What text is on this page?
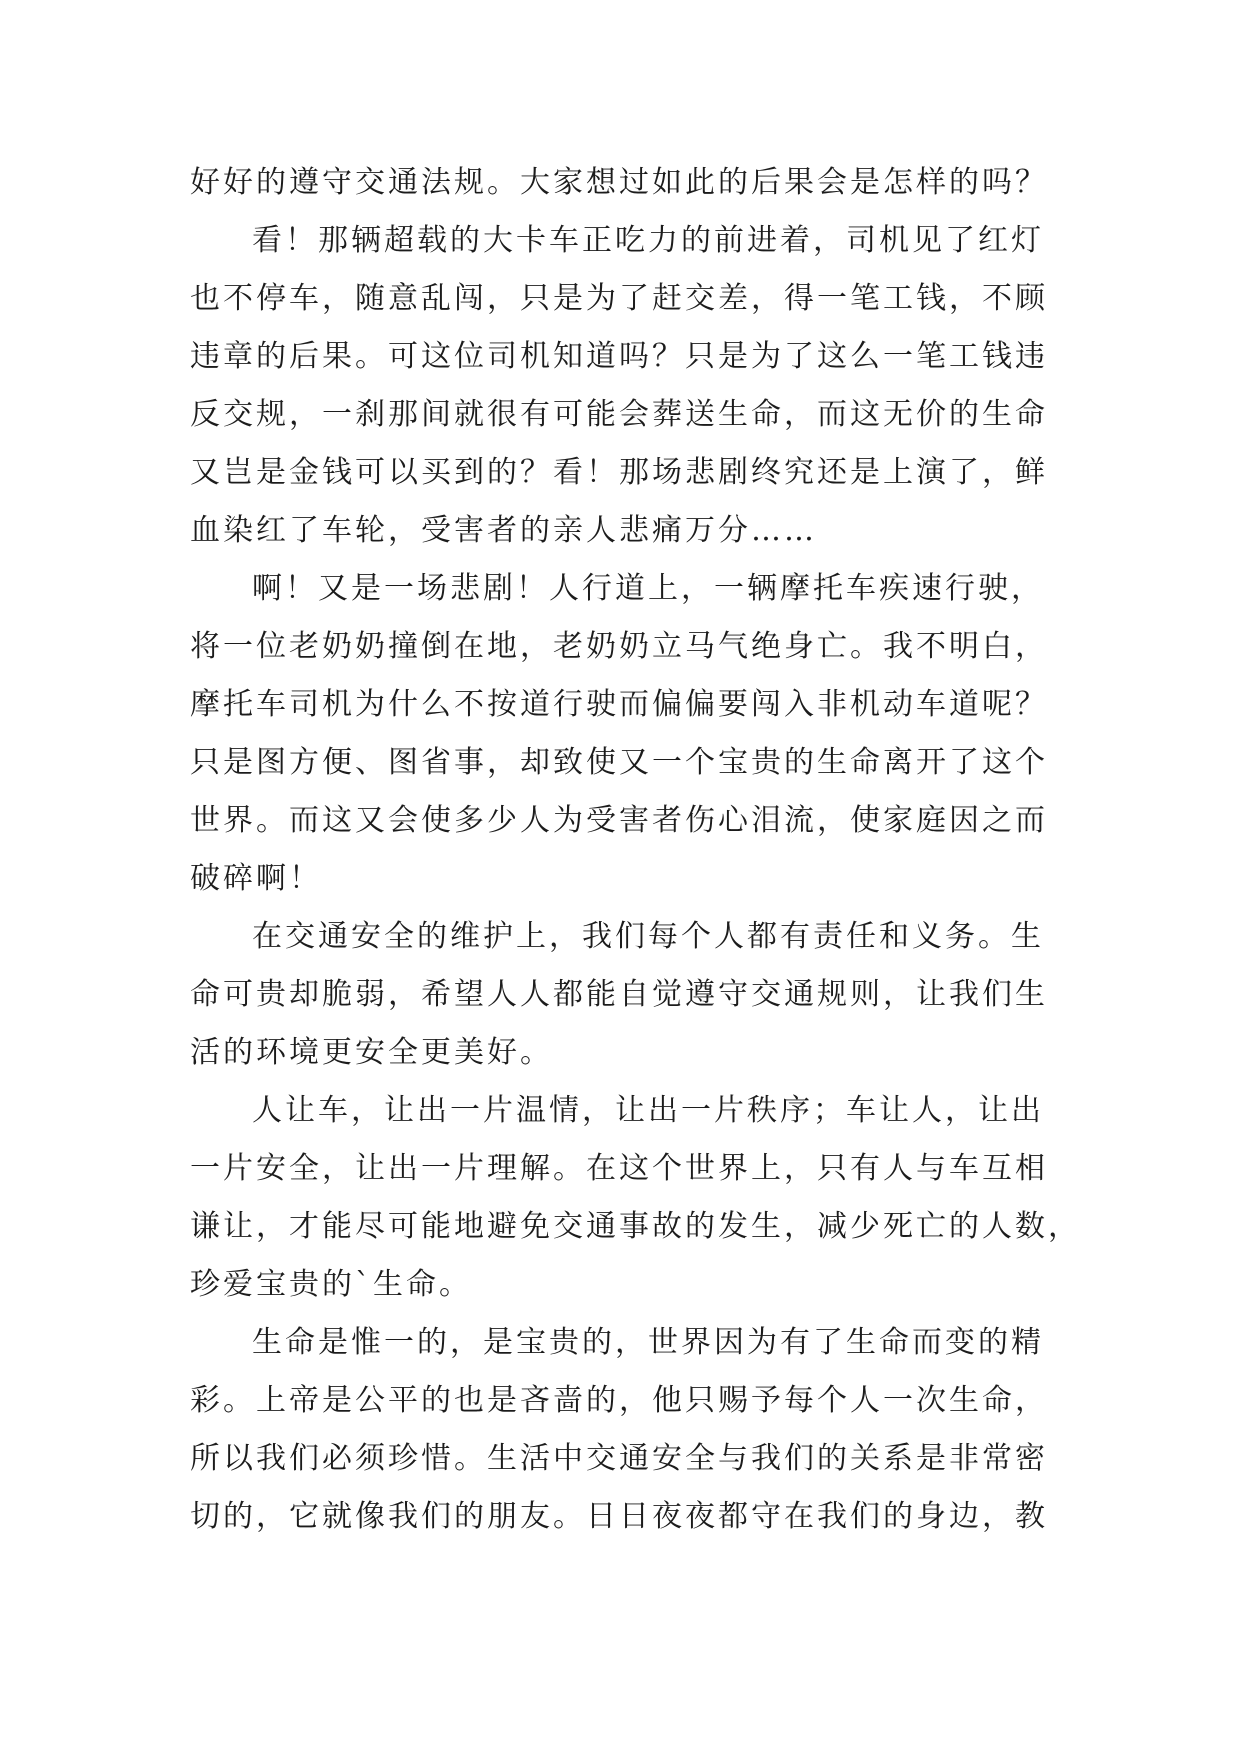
好好的遵守交通法规。大家想过如此的后果会是怎样的吗？
看！那辆超载的大卡车正吃力的前进着，司机见了红灯
也不停车，随意乱闯，只是为了赶交差，得一笔工钱，不顾
违章的后果。可这位司机知道吗？只是为了这么一笔工钱违
反交规，一刹那间就很有可能会葬送生命，而这无价的生命
又岂是金钱可以买到的？看！那场悲剧终究还是上演了，鲜
血染红了车轮，受害者的亲人悲痛万分……
啊！又是一场悲剧！人行道上，一辆摩托车疾速行驶，
将一位老奶奶撞倒在地，老奶奶立马气绝身亡。我不明白，
摩托车司机为什么不按道行驶而偏偏要闯入非机动车道呢？
只是图方便、图省事，却致使又一个宝贵的生命离开了这个
世界。而这又会使多少人为受害者伤心泪流，使家庭因之而
破碎啊！
在交通安全的维护上，我们每个人都有责任和义务。生
命可贵却脆弱，希望人人都能自觉遵守交通规则，让我们生
活的环境更安全更美好。
人让车，让出一片温情，让出一片秩序；车让人，让出
一片安全，让出一片理解。在这个世界上，只有人与车互相
谦让，才能尽可能地避免交通事故的发生，减少死亡的人数，
珍爱宝贵的`生命。
生命是惟一的，是宝贵的，世界因为有了生命而变的精
彩。上帝是公平的也是吝啬的，他只赐予每个人一次生命，
所以我们必须珍惜。生活中交通安全与我们的关系是非常密
切的，它就像我们的朋友。日日夜夜都守在我们的身边，教
